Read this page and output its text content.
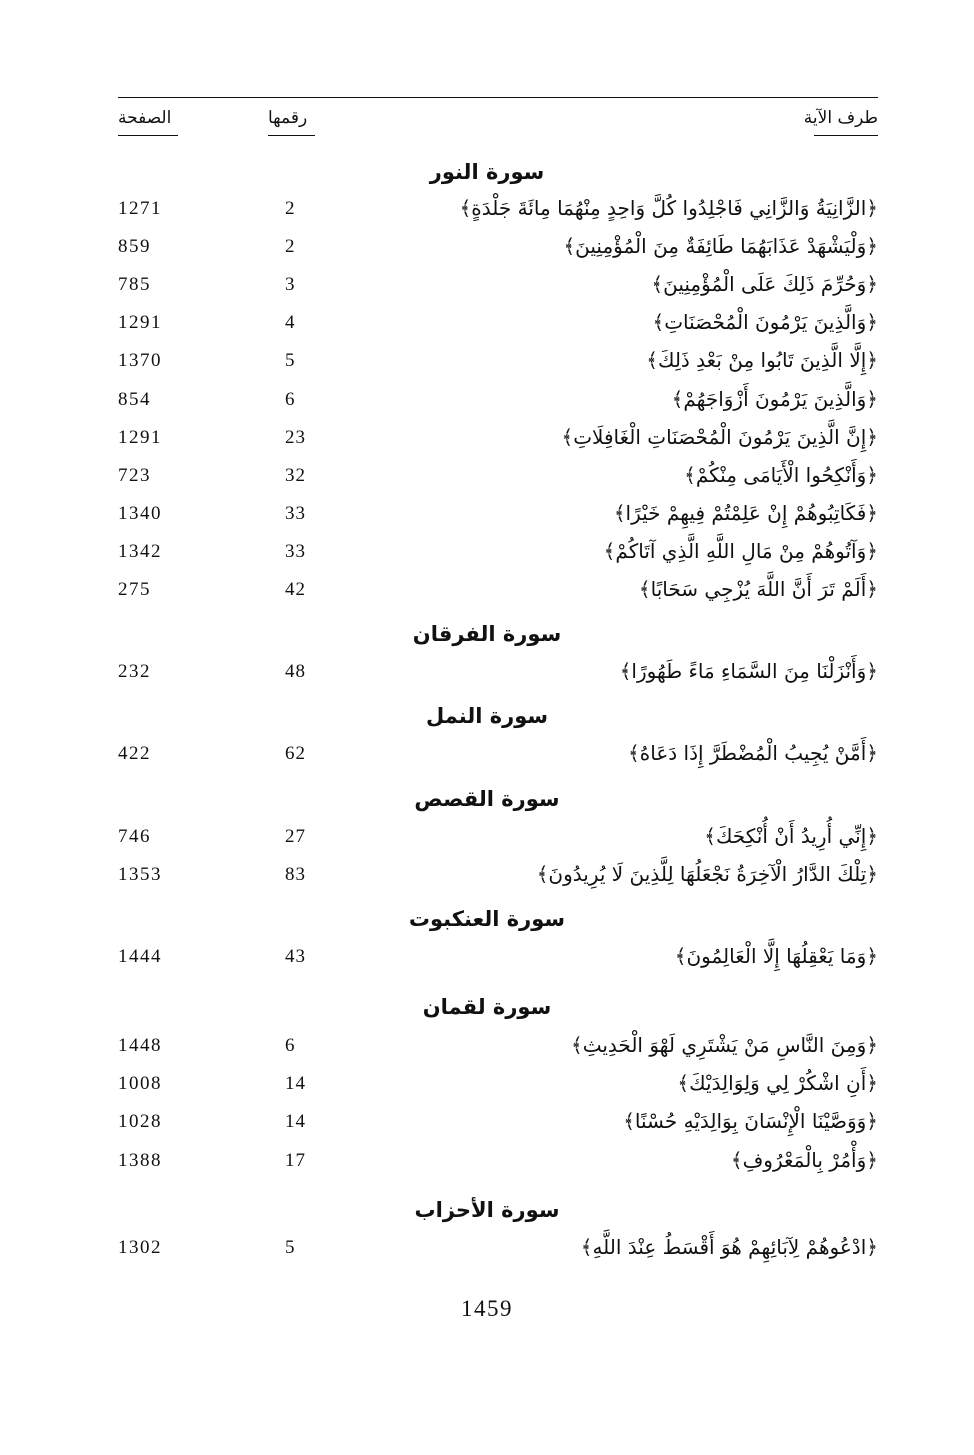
طرف الآية
رقمها
الصفحة
سورة النور
﴿الزَّانِيَةُ وَالزَّانِي فَاجْلِدُوا كُلَّ وَاحِدٍ مِنْهُمَا مِائَةَ جَلْدَةٍ﴾
2
1271
﴿وَلْيَشْهَدْ عَذَابَهُمَا طَائِفَةٌ مِنَ الْمُؤْمِنِينَ﴾
2
859
﴿وَحُرِّمَ ذَلِكَ عَلَى الْمُؤْمِنِينَ﴾
3
785
﴿وَالَّذِينَ يَرْمُونَ الْمُحْصَنَاتِ﴾
4
1291
﴿إِلَّا الَّذِينَ تَابُوا مِنْ بَعْدِ ذَلِكَ﴾
5
1370
﴿وَالَّذِينَ يَرْمُونَ أَزْوَاجَهُمْ﴾
6
854
﴿إِنَّ الَّذِينَ يَرْمُونَ الْمُحْصَنَاتِ الْغَافِلَاتِ﴾
23
1291
﴿وَأَنْكِحُوا الْأَيَامَى مِنْكُمْ﴾
32
723
﴿فَكَاتِبُوهُمْ إِنْ عَلِمْتُمْ فِيهِمْ خَيْرًا﴾
33
1340
﴿وَآتُوهُمْ مِنْ مَالِ اللَّهِ الَّذِي آتَاكُمْ﴾
33
1342
﴿أَلَمْ تَرَ أَنَّ اللَّهَ يُزْجِي سَحَابًا﴾
42
275
سورة الفرقان
﴿وَأَنْزَلْنَا مِنَ السَّمَاءِ مَاءً طَهُورًا﴾
48
232
سورة النمل
﴿أَمَّنْ يُجِيبُ الْمُضْطَرَّ إِذَا دَعَاهُ﴾
62
422
سورة القصص
﴿إِنِّي أُرِيدُ أَنْ أُنْكِحَكَ﴾
27
746
﴿تِلْكَ الدَّارُ الْآخِرَةُ نَجْعَلُهَا لِلَّذِينَ لَا يُرِيدُونَ﴾
83
1353
سورة العنكبوت
﴿وَمَا يَعْقِلُهَا إِلَّا الْعَالِمُونَ﴾
43
1444
سورة لقمان
﴿وَمِنَ النَّاسِ مَنْ يَشْتَرِي لَهْوَ الْحَدِيثِ﴾
6
1448
﴿أَنِ اشْكُرْ لِي وَلِوَالِدَيْكَ﴾
14
1008
﴿وَوَصَّيْنَا الْإِنْسَانَ بِوَالِدَيْهِ حُسْنًا﴾
14
1028
﴿وَأْمُرْ بِالْمَعْرُوفِ﴾
17
1388
سورة الأحزاب
﴿ادْعُوهُمْ لِآبَائِهِمْ هُوَ أَقْسَطُ عِنْدَ اللَّهِ﴾
5
1302
1459
